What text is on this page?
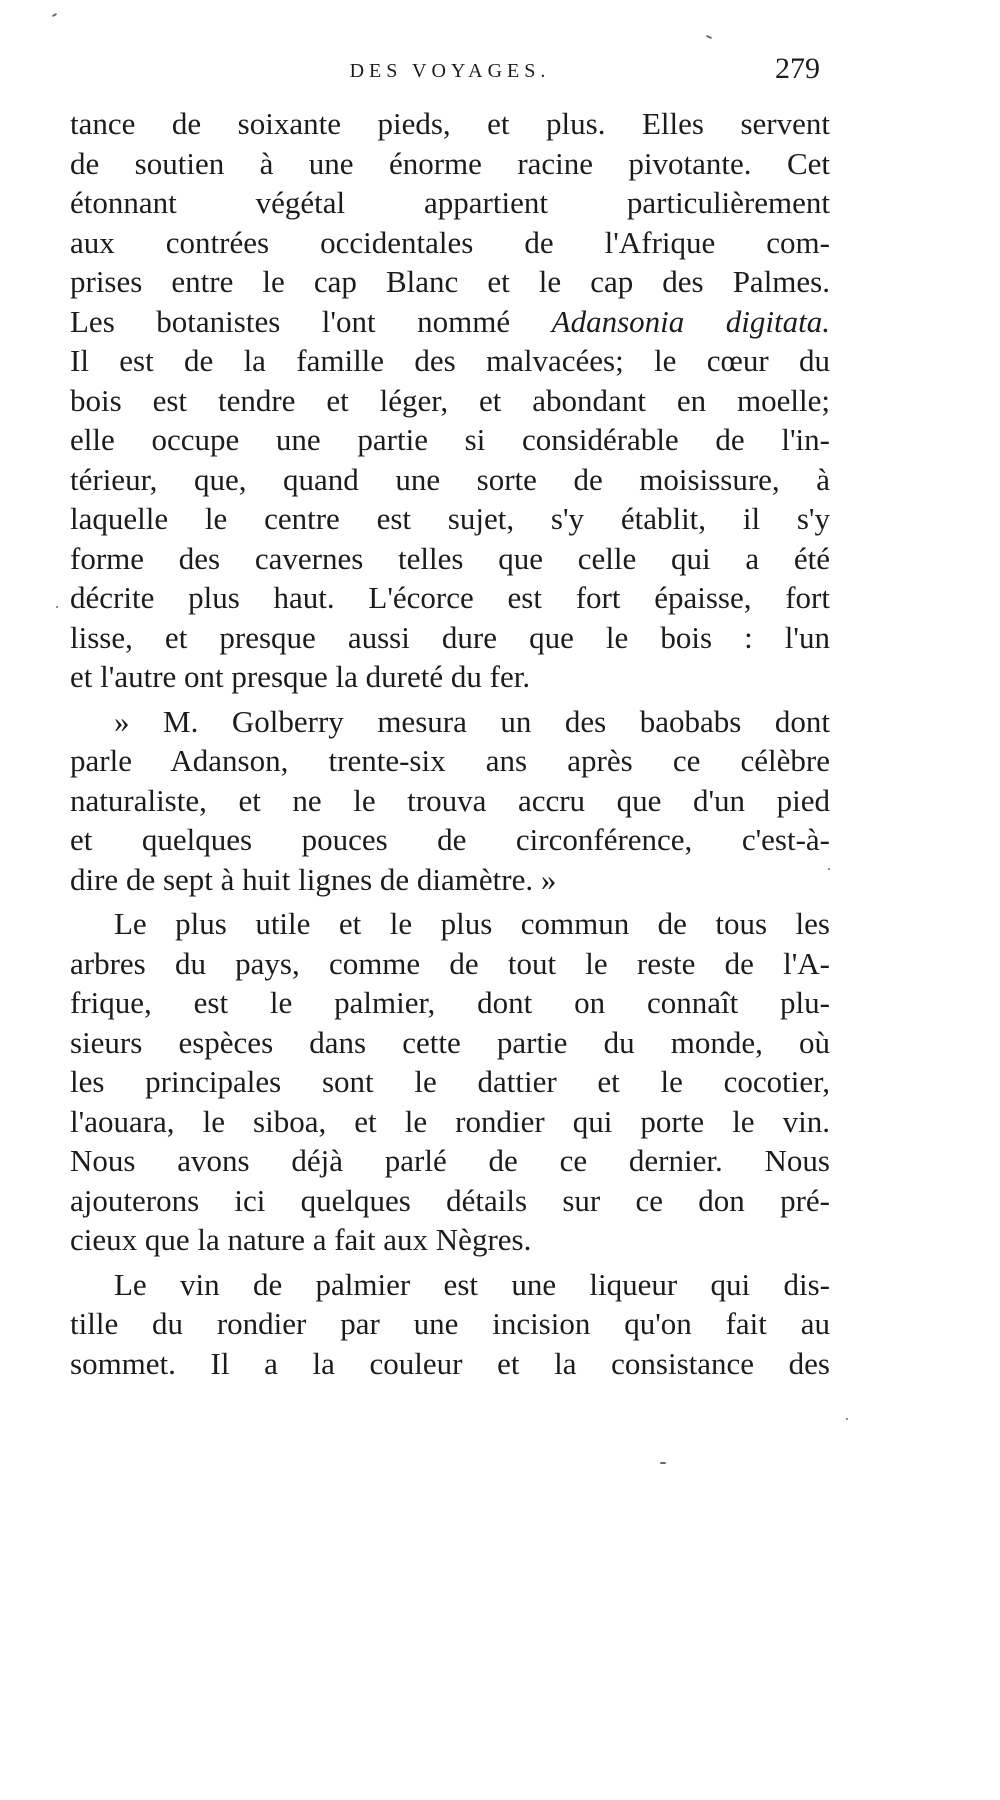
DES VOYAGES.	279
tance de soixante pieds, et plus. Elles servent
de soutien à une énorme racine pivotante. Cet
étonnant végétal appartient particulièrement
aux contrées occidentales de l'Afrique com-
prises entre le cap Blanc et le cap des Palmes.
Les botanistes l'ont nommé Adansonia digitata.
Il est de la famille des malvacées; le cœur du
bois est tendre et léger, et abondant en moelle;
elle occupe une partie si considérable de l'in-
térieur, que, quand une sorte de moisissure, à
laquelle le centre est sujet, s'y établit, il s'y
forme des cavernes telles que celle qui a été
décrite plus haut. L'écorce est fort épaisse, fort
lisse, et presque aussi dure que le bois : l'un
et l'autre ont presque la dureté du fer.
» M. Golberry mesura un des baobabs dont
parle Adanson, trente-six ans après ce célèbre
naturaliste, et ne le trouva accru que d'un pied
et quelques pouces de circonférence, c'est-à-
dire de sept à huit lignes de diamètre. »
Le plus utile et le plus commun de tous les
arbres du pays, comme de tout le reste de l'A-
frique, est le palmier, dont on connaît plu-
sieurs espèces dans cette partie du monde, où
les principales sont le dattier et le cocotier,
l'aouara, le siboa, et le rondier qui porte le vin.
Nous avons déjà parlé de ce dernier. Nous
ajouterons ici quelques détails sur ce don pré-
cieux que la nature a fait aux Nègres.
Le vin de palmier est une liqueur qui dis-
tille du rondier par une incision qu'on fait au
sommet. Il a la couleur et la consistance des
